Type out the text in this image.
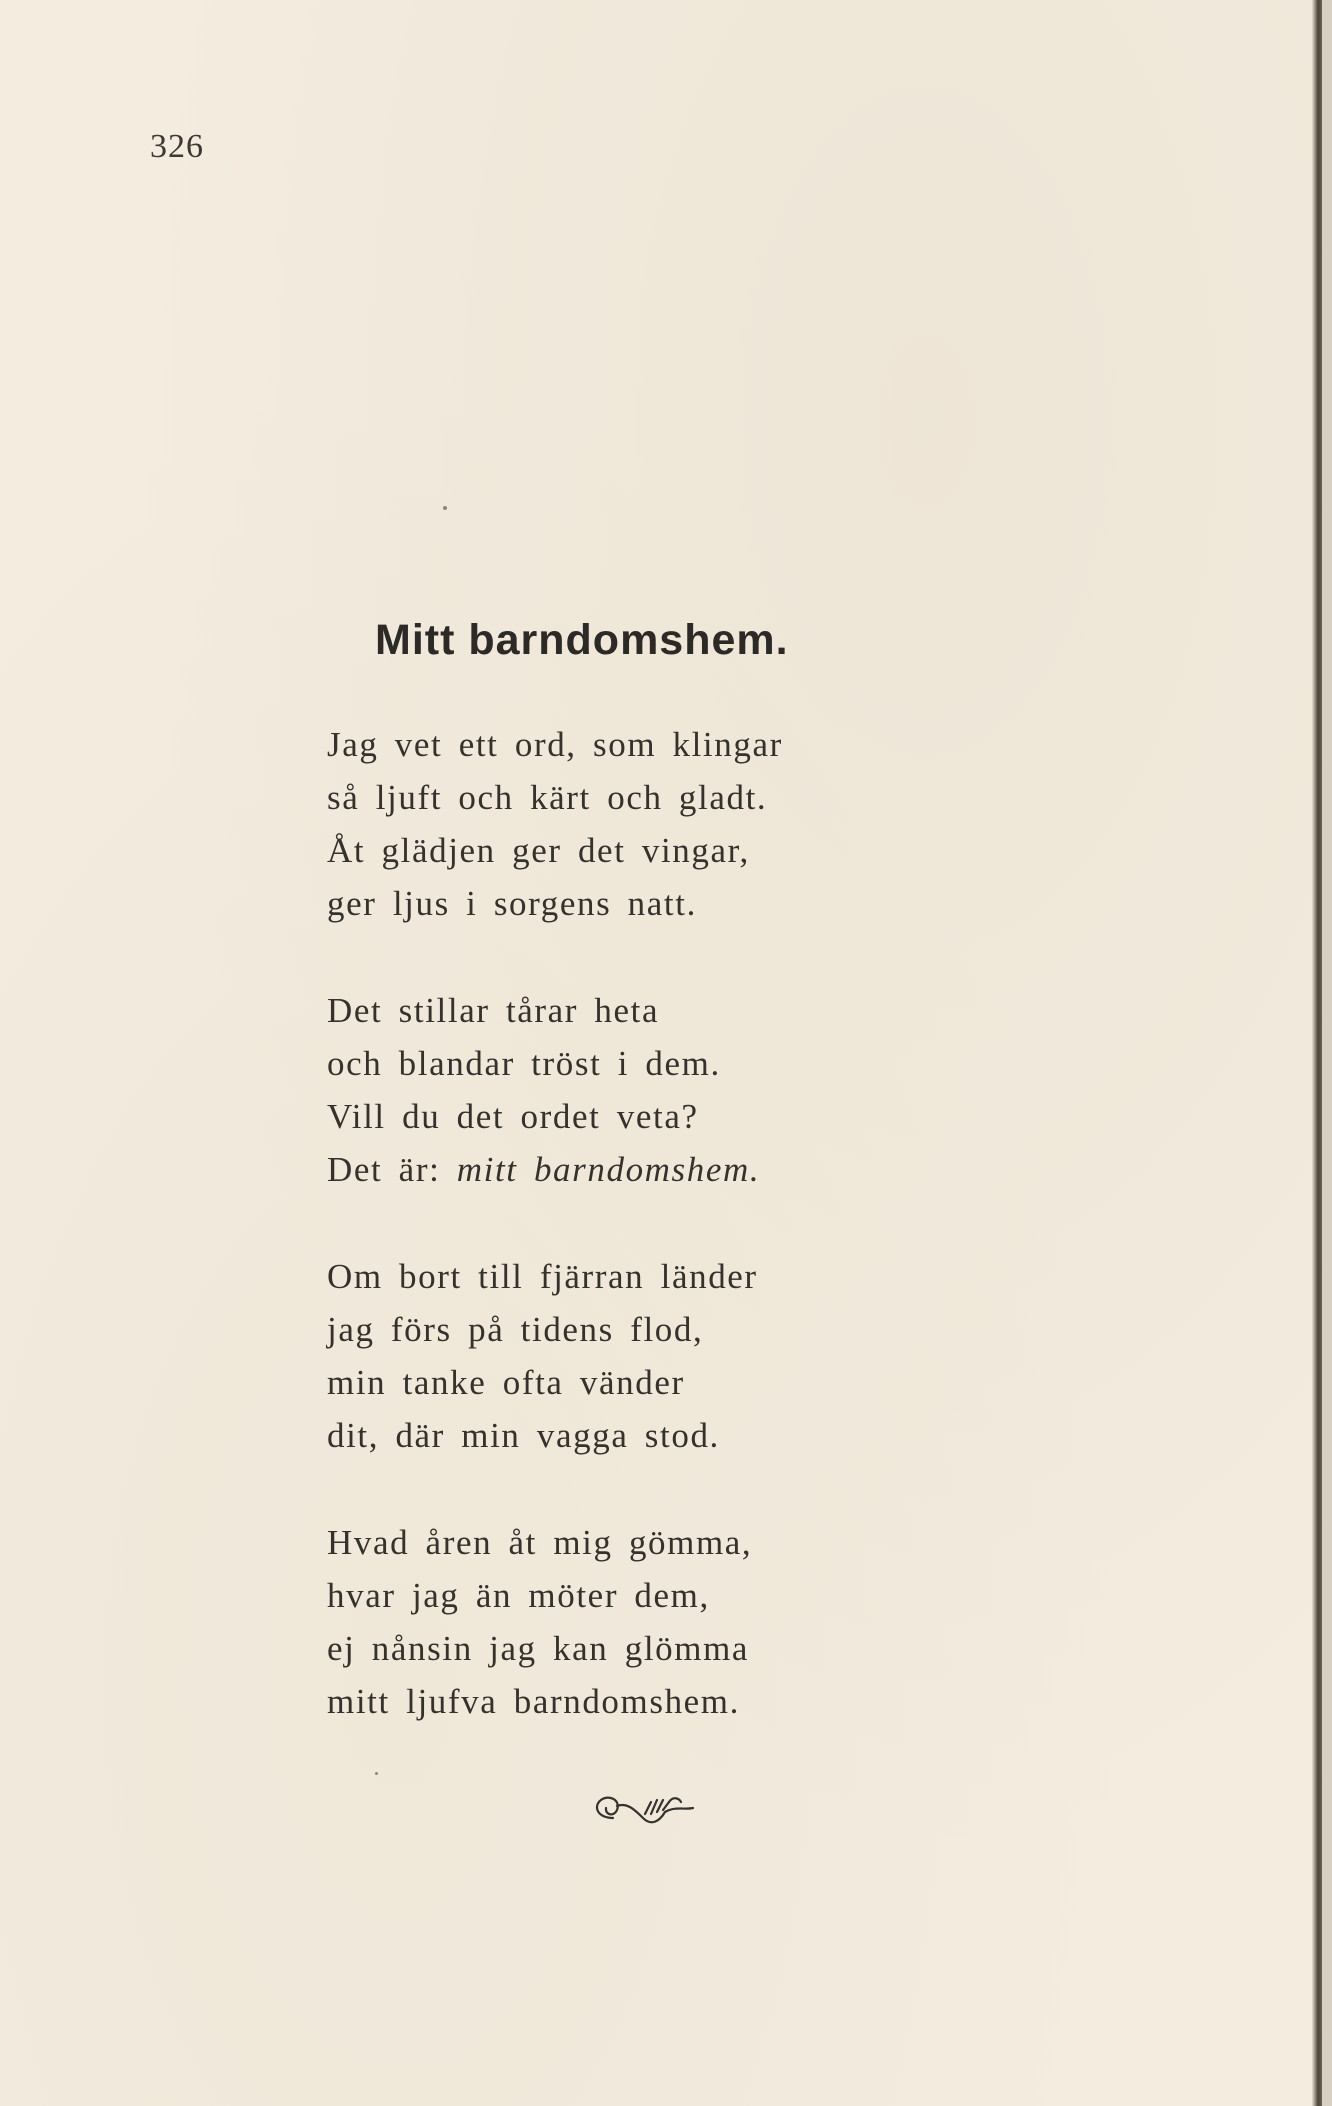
326
Mitt barndomshem.
Jag vet ett ord, som klingar
så ljuft och kärt och gladt.
Åt glädjen ger det vingar,
ger ljus i sorgens natt.
Det stillar tårar heta
och blandar tröst i dem.
Vill du det ordet veta?
Det är: mitt barndomshem.
Om bort till fjärran länder
jag förs på tidens flod,
min tanke ofta vänder
dit, där min vagga stod.
Hvad åren åt mig gömma,
hvar jag än möter dem,
ej nånsin jag kan glömma
mitt ljufva barndomshem.
